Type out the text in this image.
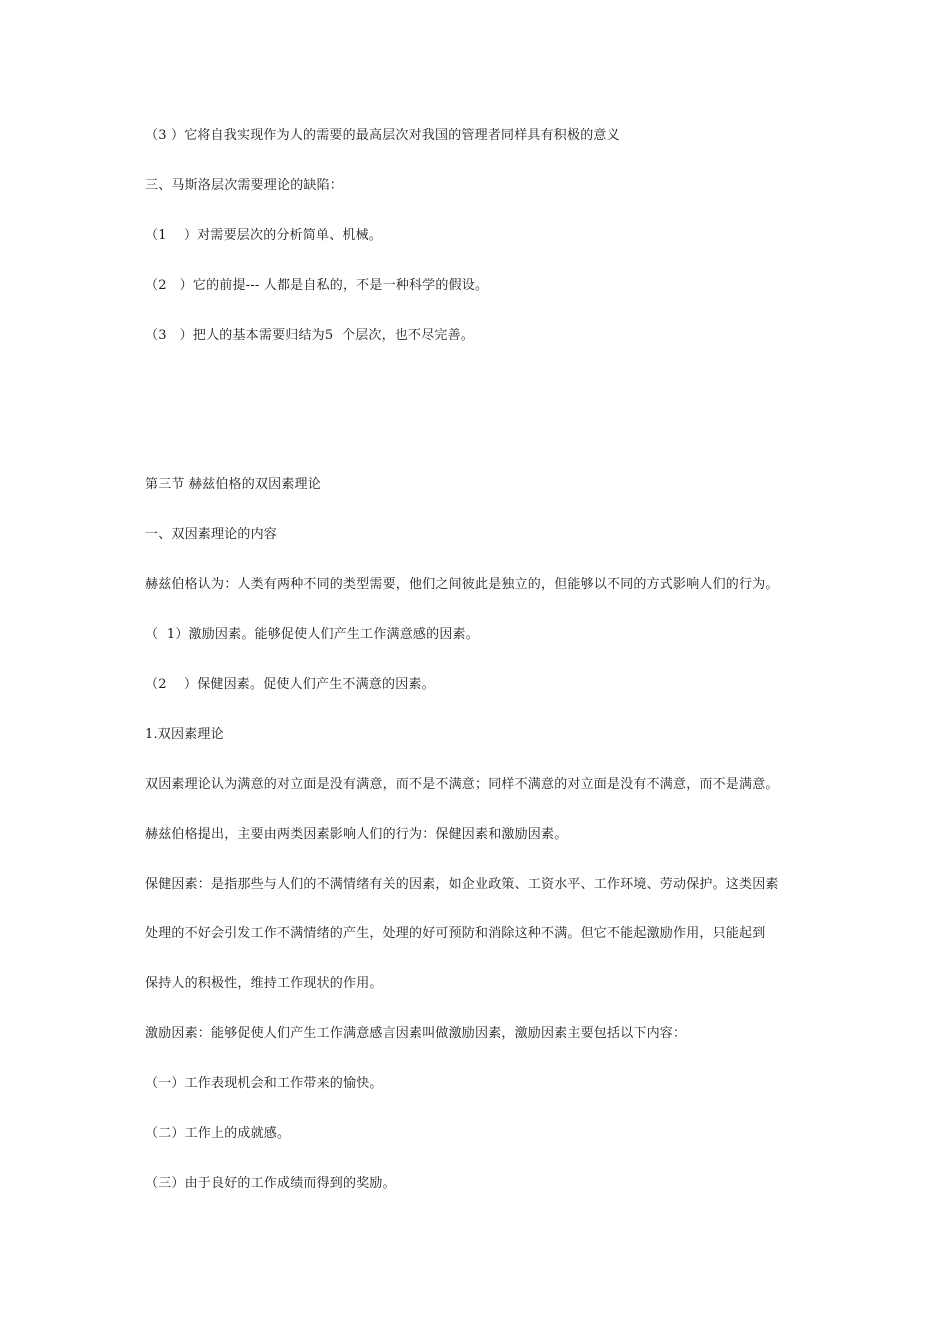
（3 ）它将自我实现作为人的需要的最高层次对我国的管理者同样具有积极的意义
三、马斯洛层次需要理论的缺陷：
（1    ）对需要层次的分析简单、机械。
（2   ）它的前提--- 人都是自私的，不是一种科学的假设。
（3   ）把人的基本需要归结为5  个层次，也不尽完善。
第三节 赫兹伯格的双因素理论
一、双因素理论的内容
赫兹伯格认为：人类有两种不同的类型需要，他们之间彼此是独立的，但能够以不同的方式影响人们的行为。
（  1）激励因素。能够促使人们产生工作满意感的因素。
（2    ）保健因素。促使人们产生不满意的因素。
1.双因素理论
双因素理论认为满意的对立面是没有满意，而不是不满意；同样不满意的对立面是没有不满意，而不是满意。
赫兹伯格提出，主要由两类因素影响人们的行为：保健因素和激励因素。
保健因素：是指那些与人们的不满情绪有关的因素，如企业政策、工资水平、工作环境、劳动保护。这类因素
处理的不好会引发工作不满情绪的产生，处理的好可预防和消除这种不满。但它不能起激励作用，只能起到
保持人的积极性，维持工作现状的作用。
激励因素：能够促使人们产生工作满意感言因素叫做激励因素，激励因素主要包括以下内容：
（一）工作表现机会和工作带来的愉快。
（二）工作上的成就感。
（三）由于良好的工作成绩而得到的奖励。
